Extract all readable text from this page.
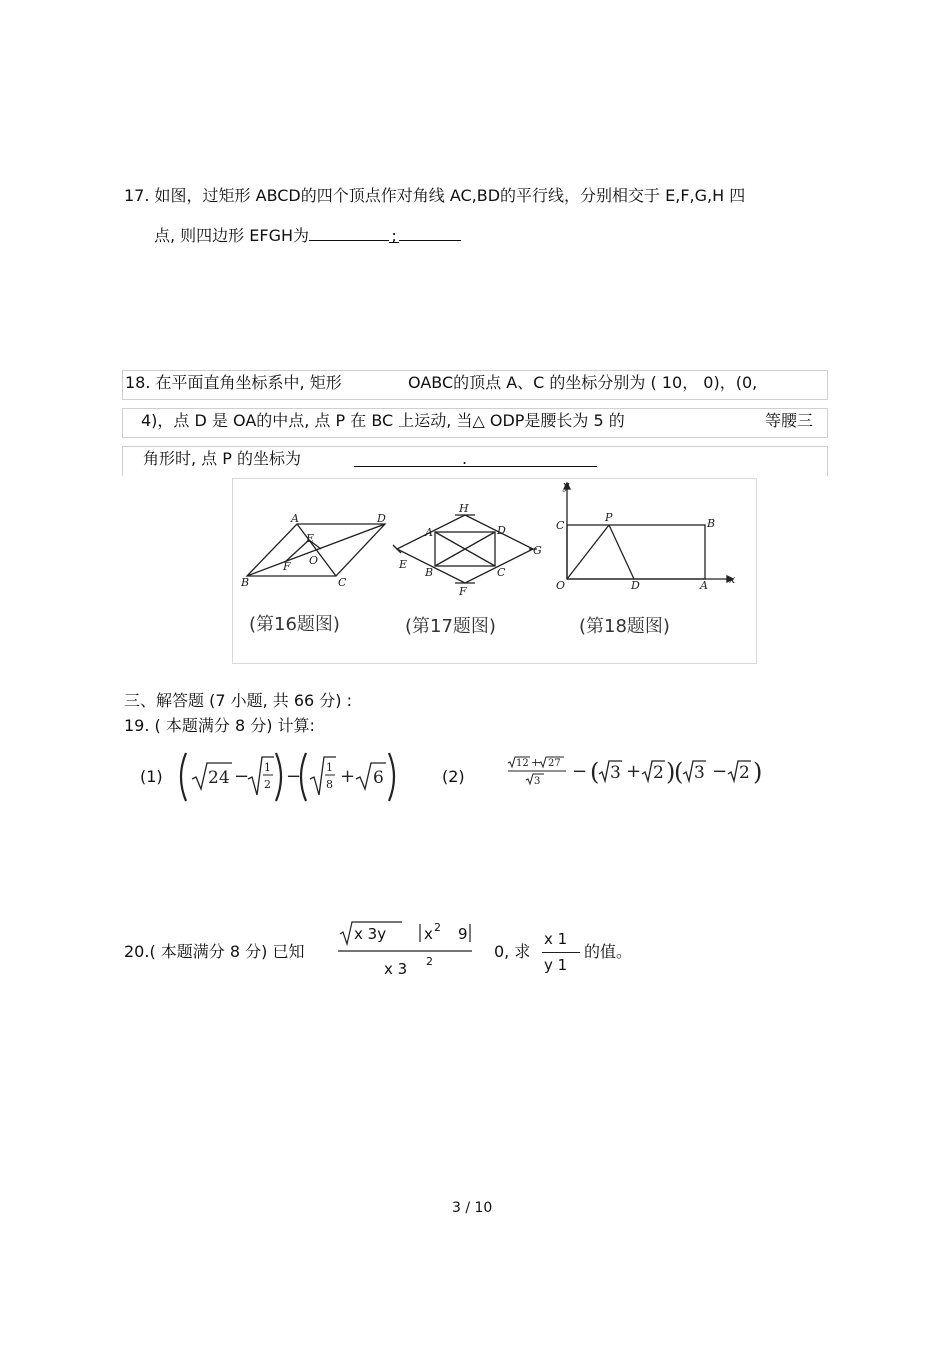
17. 如图，过矩形 ABCD的四个顶点作对角线 AC,BD的平行线，分别相交于 E,F,G,H 四
点, 则四边形 EFGH为	;
18. 在平面直角坐标系中, 矩形	OABC的顶点 A、C 的坐标分别为 ( 10， 0)，(0,
4)，点 D 是 OA的中点, 点 P 在 BC 上运动, 当△ ODP是腰长为 5 的	等腰三
角形时, 点 P 的坐标为	.
A	D
E
O
F
B	C
H
A	D
E
G
B	C
F
y
C
P	B
O	D	A x
(第16题图)	(第17题图)	(第18题图)
三、解答题 (7 小题, 共 66 分) :
19. ( 本题满分 8 分) 计算:
(1)	(2)
24 − 1
2 − 1
8 + 6
12 + 27
3 − ( 3 + 2 )
( 3 − 2 )
20.( 本题满分 8 分) 已知
x 3y	x 2 9
x 3 2
0, 求
x 1
y 1
的值。
3 / 10
